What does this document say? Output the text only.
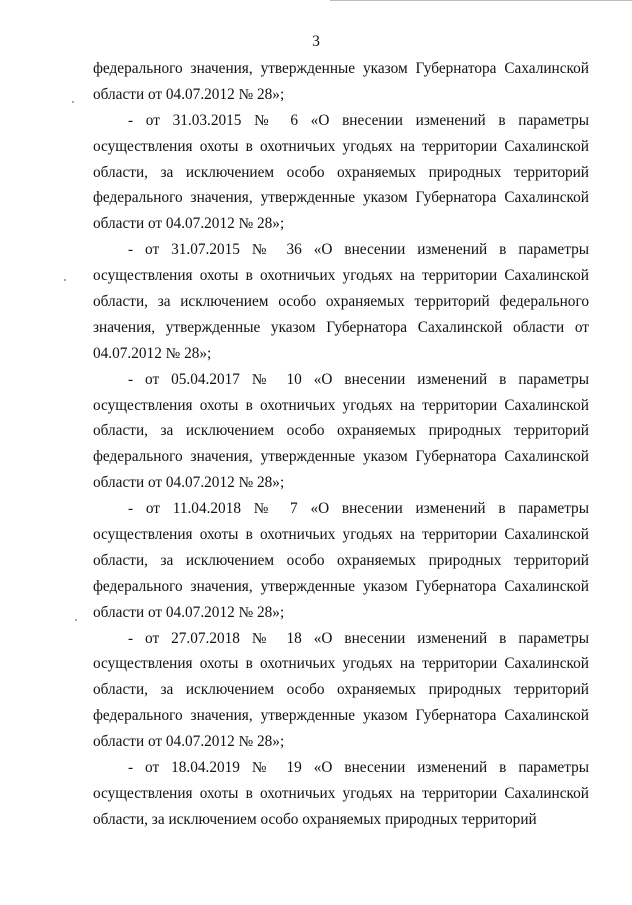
3
федерального значения, утвержденные указом Губернатора Сахалинской
области от 04.07.2012 № 28»;
- от 31.03.2015 № 6 «О внесении изменений в параметры
осуществления охоты в охотничьих угодьях на территории Сахалинской
области, за исключением особо охраняемых природных территорий
федерального значения, утвержденные указом Губернатора Сахалинской
области от 04.07.2012 № 28»;
- от 31.07.2015 № 36 «О внесении изменений в параметры
осуществления охоты в охотничьих угодьях на территории Сахалинской
области, за исключением особо охраняемых территорий федерального
значения, утвержденные указом Губернатора Сахалинской области от
04.07.2012 № 28»;
- от 05.04.2017 № 10 «О внесении изменений в параметры
осуществления охоты в охотничьих угодьях на территории Сахалинской
области, за исключением особо охраняемых природных территорий
федерального значения, утвержденные указом Губернатора Сахалинской
области от 04.07.2012 № 28»;
- от 11.04.2018 № 7 «О внесении изменений в параметры
осуществления охоты в охотничьих угодьях на территории Сахалинской
области, за исключением особо охраняемых природных территорий
федерального значения, утвержденные указом Губернатора Сахалинской
области от 04.07.2012 № 28»;
- от 27.07.2018 № 18 «О внесении изменений в параметры
осуществления охоты в охотничьих угодьях на территории Сахалинской
области, за исключением особо охраняемых природных территорий
федерального значения, утвержденные указом Губернатора Сахалинской
области от 04.07.2012 № 28»;
- от 18.04.2019 № 19 «О внесении изменений в параметры
осуществления охоты в охотничьих угодьях на территории Сахалинской
области, за исключением особо охраняемых природных территорий
